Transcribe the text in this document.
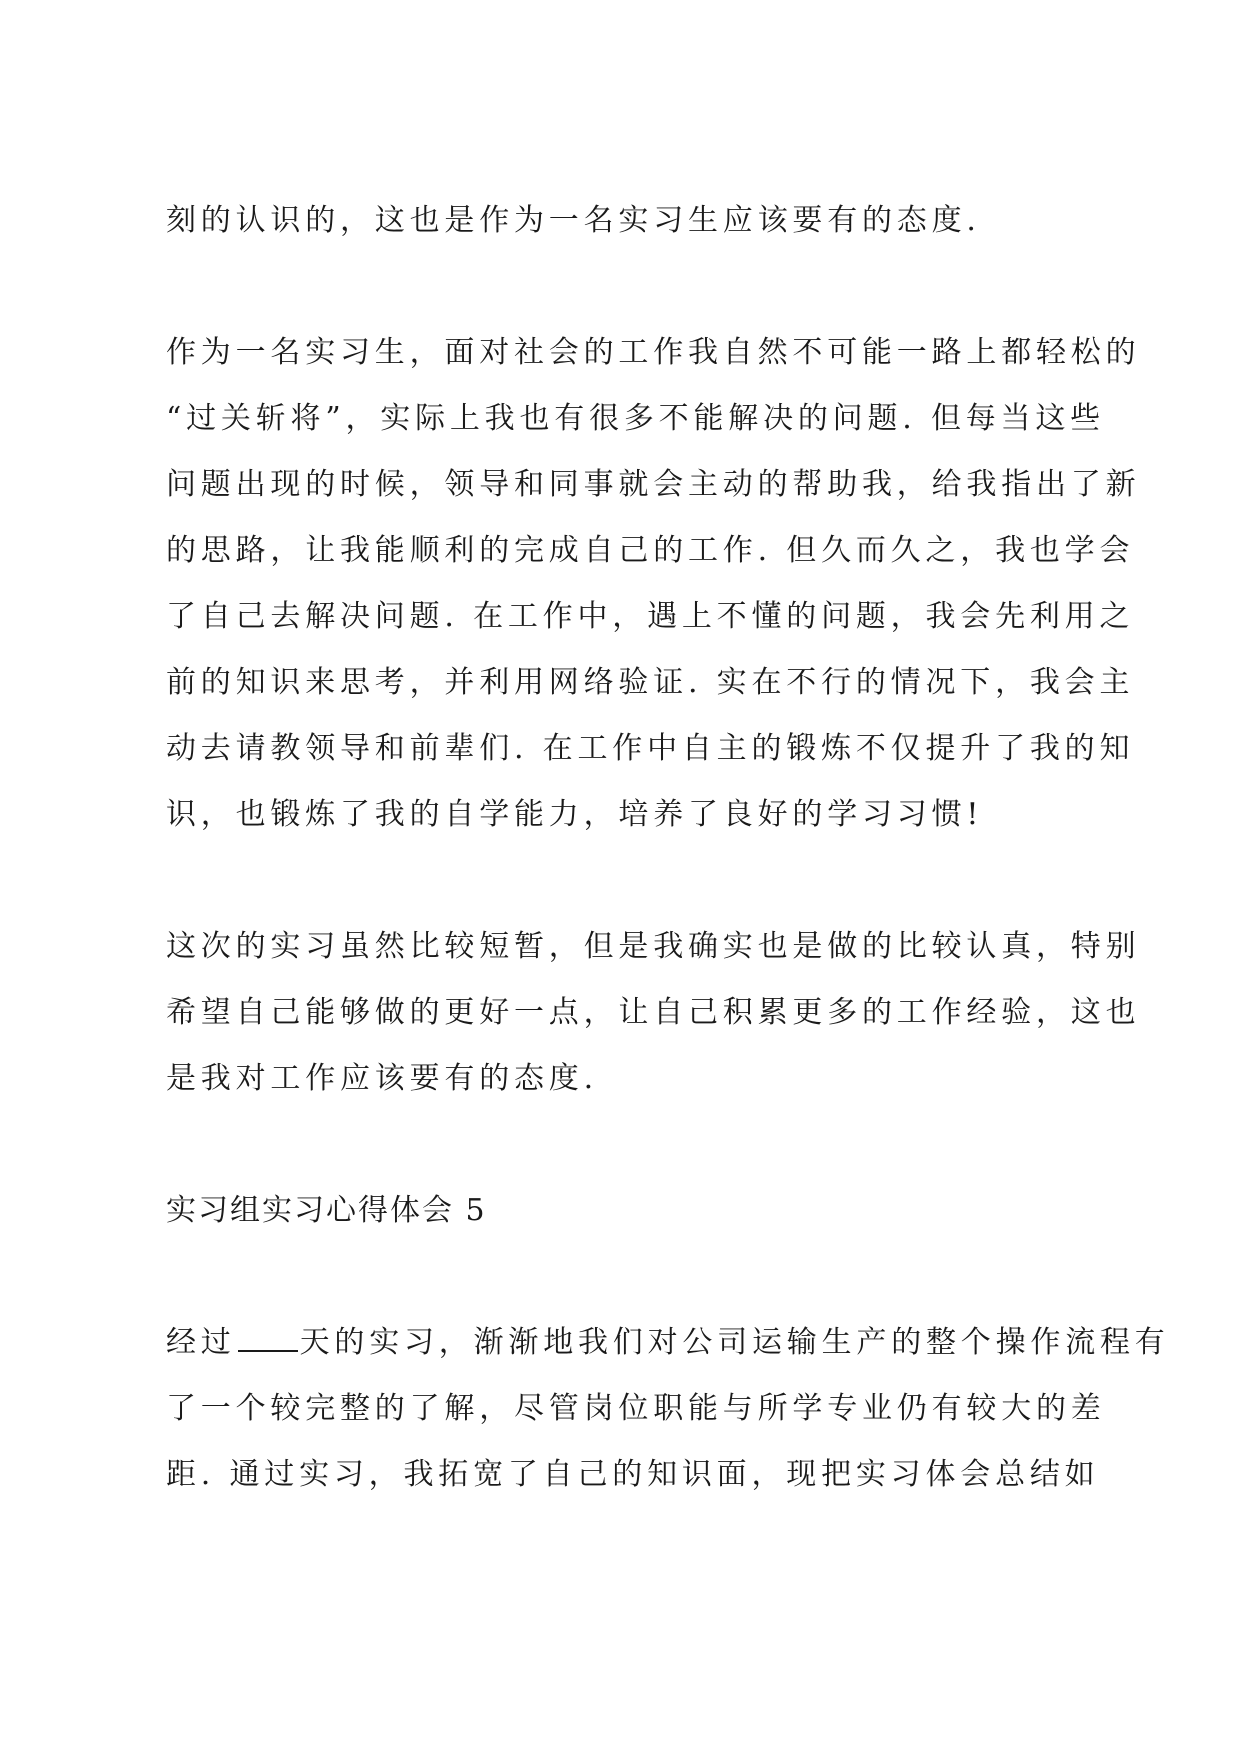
刻的认识的，这也是作为一名实习生应该要有的态度.
作为一名实习生，面对社会的工作我自然不可能一路上都轻松的
“过关斩将”，实际上我也有很多不能解决的问题. 但每当这些
问题出现的时候，领导和同事就会主动的帮助我，给我指出了新
的思路，让我能顺利的完成自己的工作. 但久而久之，我也学会
了自己去解决问题. 在工作中，遇上不懂的问题，我会先利用之
前的知识来思考，并利用网络验证. 实在不行的情况下，我会主
动去请教领导和前辈们. 在工作中自主的锻炼不仅提升了我的知
识，也锻炼了我的自学能力，培养了良好的学习习惯!
这次的实习虽然比较短暂，但是我确实也是做的比较认真，特别
希望自己能够做的更好一点，让自己积累更多的工作经验，这也
是我对工作应该要有的态度.
实习组实习心得体会 5
经过 天的实习，渐渐地我们对公司运输生产的整个操作流程有
了一个较完整的了解，尽管岗位职能与所学专业仍有较大的差
距. 通过实习，我拓宽了自己的知识面，现把实习体会总结如
